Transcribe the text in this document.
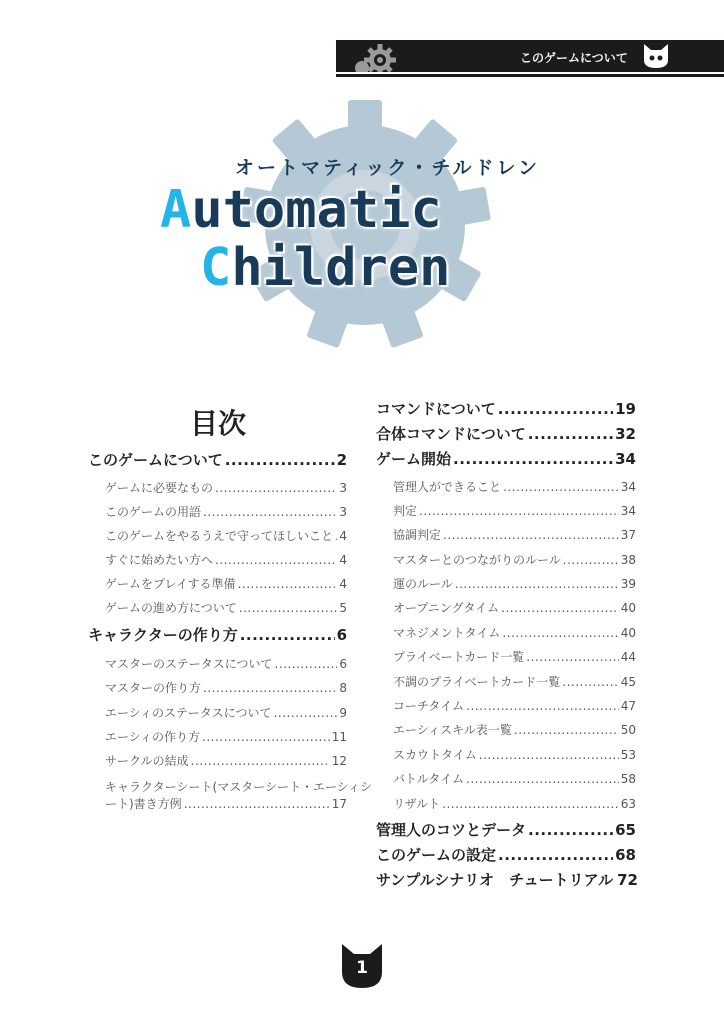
このゲームについて
オートマティック・チルドレン
Automatic
Children
目次
このゲームについて .....	2
ゲームに必要なもの .....	3
このゲームの用語 .....	3
このゲームをやるうえで守ってほしいこと ..... 4
すぐに始めたい方へ .....	4
ゲームをプレイする準備 .....	4
ゲームの進め方について .....	5
キャラクターの作り方 .....	6
マスターのステータスについて .....	6
マスターの作り方 .....	8
エーシィのステータスについて .....	9
エーシィの作り方 .....	11
サークルの結成 .....	12
キャラクターシート(マスターシート・エーシィシ
ート)書き方例 .....	17
コマンドについて .....	19
合体コマンドについて .....	32
ゲーム開始 .....	34
管理人ができること .....	34
判定 .....	34
協調判定 .....	37
マスターとのつながりのルール .....	38
運のルール .....	39
オープニングタイム .....	40
マネジメントタイム .....	40
プライベートカード一覧 .....	44
不調のプライベートカード一覧 .....	45
コーチタイム .....	47
エーシィスキル表一覧 .....	50
スカウトタイム .....	53
バトルタイム .....	58
リザルト .....	63
管理人のコツとデータ .....	65
このゲームの設定 .....	68
サンプルシナリオ　チュートリアル 72
1
